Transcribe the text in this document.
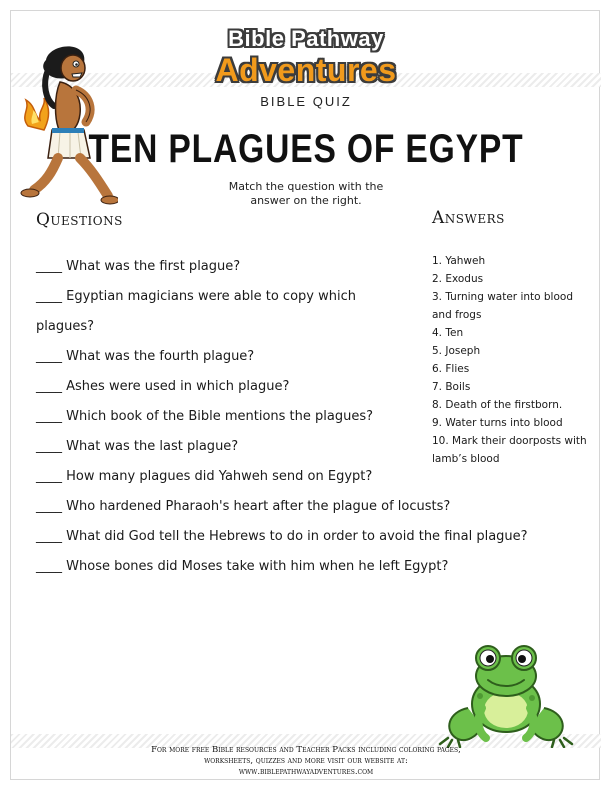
Bible Pathway
Adventures
BIBLE QUIZ
TEN PLAGUES OF EGYPT
Match the question with the
answer on the right.
Questions	Answers
____ What was the first plague?
____ Egyptian magicians were able to copy which
plagues?
____ What was the fourth plague?
____ Ashes were used in which plague?
____ Which book of the Bible mentions the plagues?
____ What was the last plague?
____ How many plagues did Yahweh send on Egypt?
____ Who hardened Pharaoh's heart after the plague of locusts?
____ What did God tell the Hebrews to do in order to avoid the final plague?
____ Whose bones did Moses take with him when he left Egypt?
1. Yahweh
2. Exodus
3. Turning water into blood
and frogs
4. Ten
5. Joseph
6. Flies
7. Boils
8. Death of the firstborn.
9. Water turns into blood
10. Mark their doorposts with
lamb’s blood
For more free Bible resources and Teacher Packs including coloring pages,
worksheets, quizzes and more visit our website at:
www.biblepathwayadventures.com
